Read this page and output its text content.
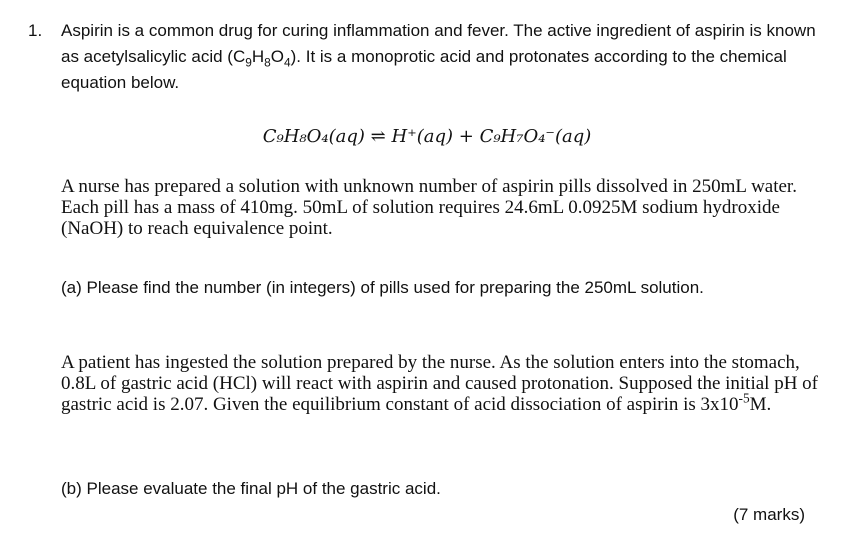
1. Aspirin is a common drug for curing inflammation and fever. The active ingredient of aspirin is known as acetylsalicylic acid $(C_9H_8O_4)$. It is a monoprotic acid and protonates according to the chemical equation below.
C₉H₈O₄(aq) ⇌ H⁺(aq) + C₉H₇O₄⁻(aq)
A nurse has prepared a solution with unknown number of aspirin pills dissolved in 250mL water. Each pill has a mass of 410mg. 50mL of solution requires 24.6mL 0.0925M sodium hydroxide (NaOH) to reach equivalence point.
(a) Please find the number (in integers) of pills used for preparing the 250mL solution.
A patient has ingested the solution prepared by the nurse. As the solution enters into the stomach, 0.8L of gastric acid (HCl) will react with aspirin and caused protonation. Supposed the initial pH of gastric acid is 2.07. Given the equilibrium constant of acid dissociation of aspirin is $3x10^{-5}M$.
(b) Please evaluate the final pH of the gastric acid.
(7 marks)
